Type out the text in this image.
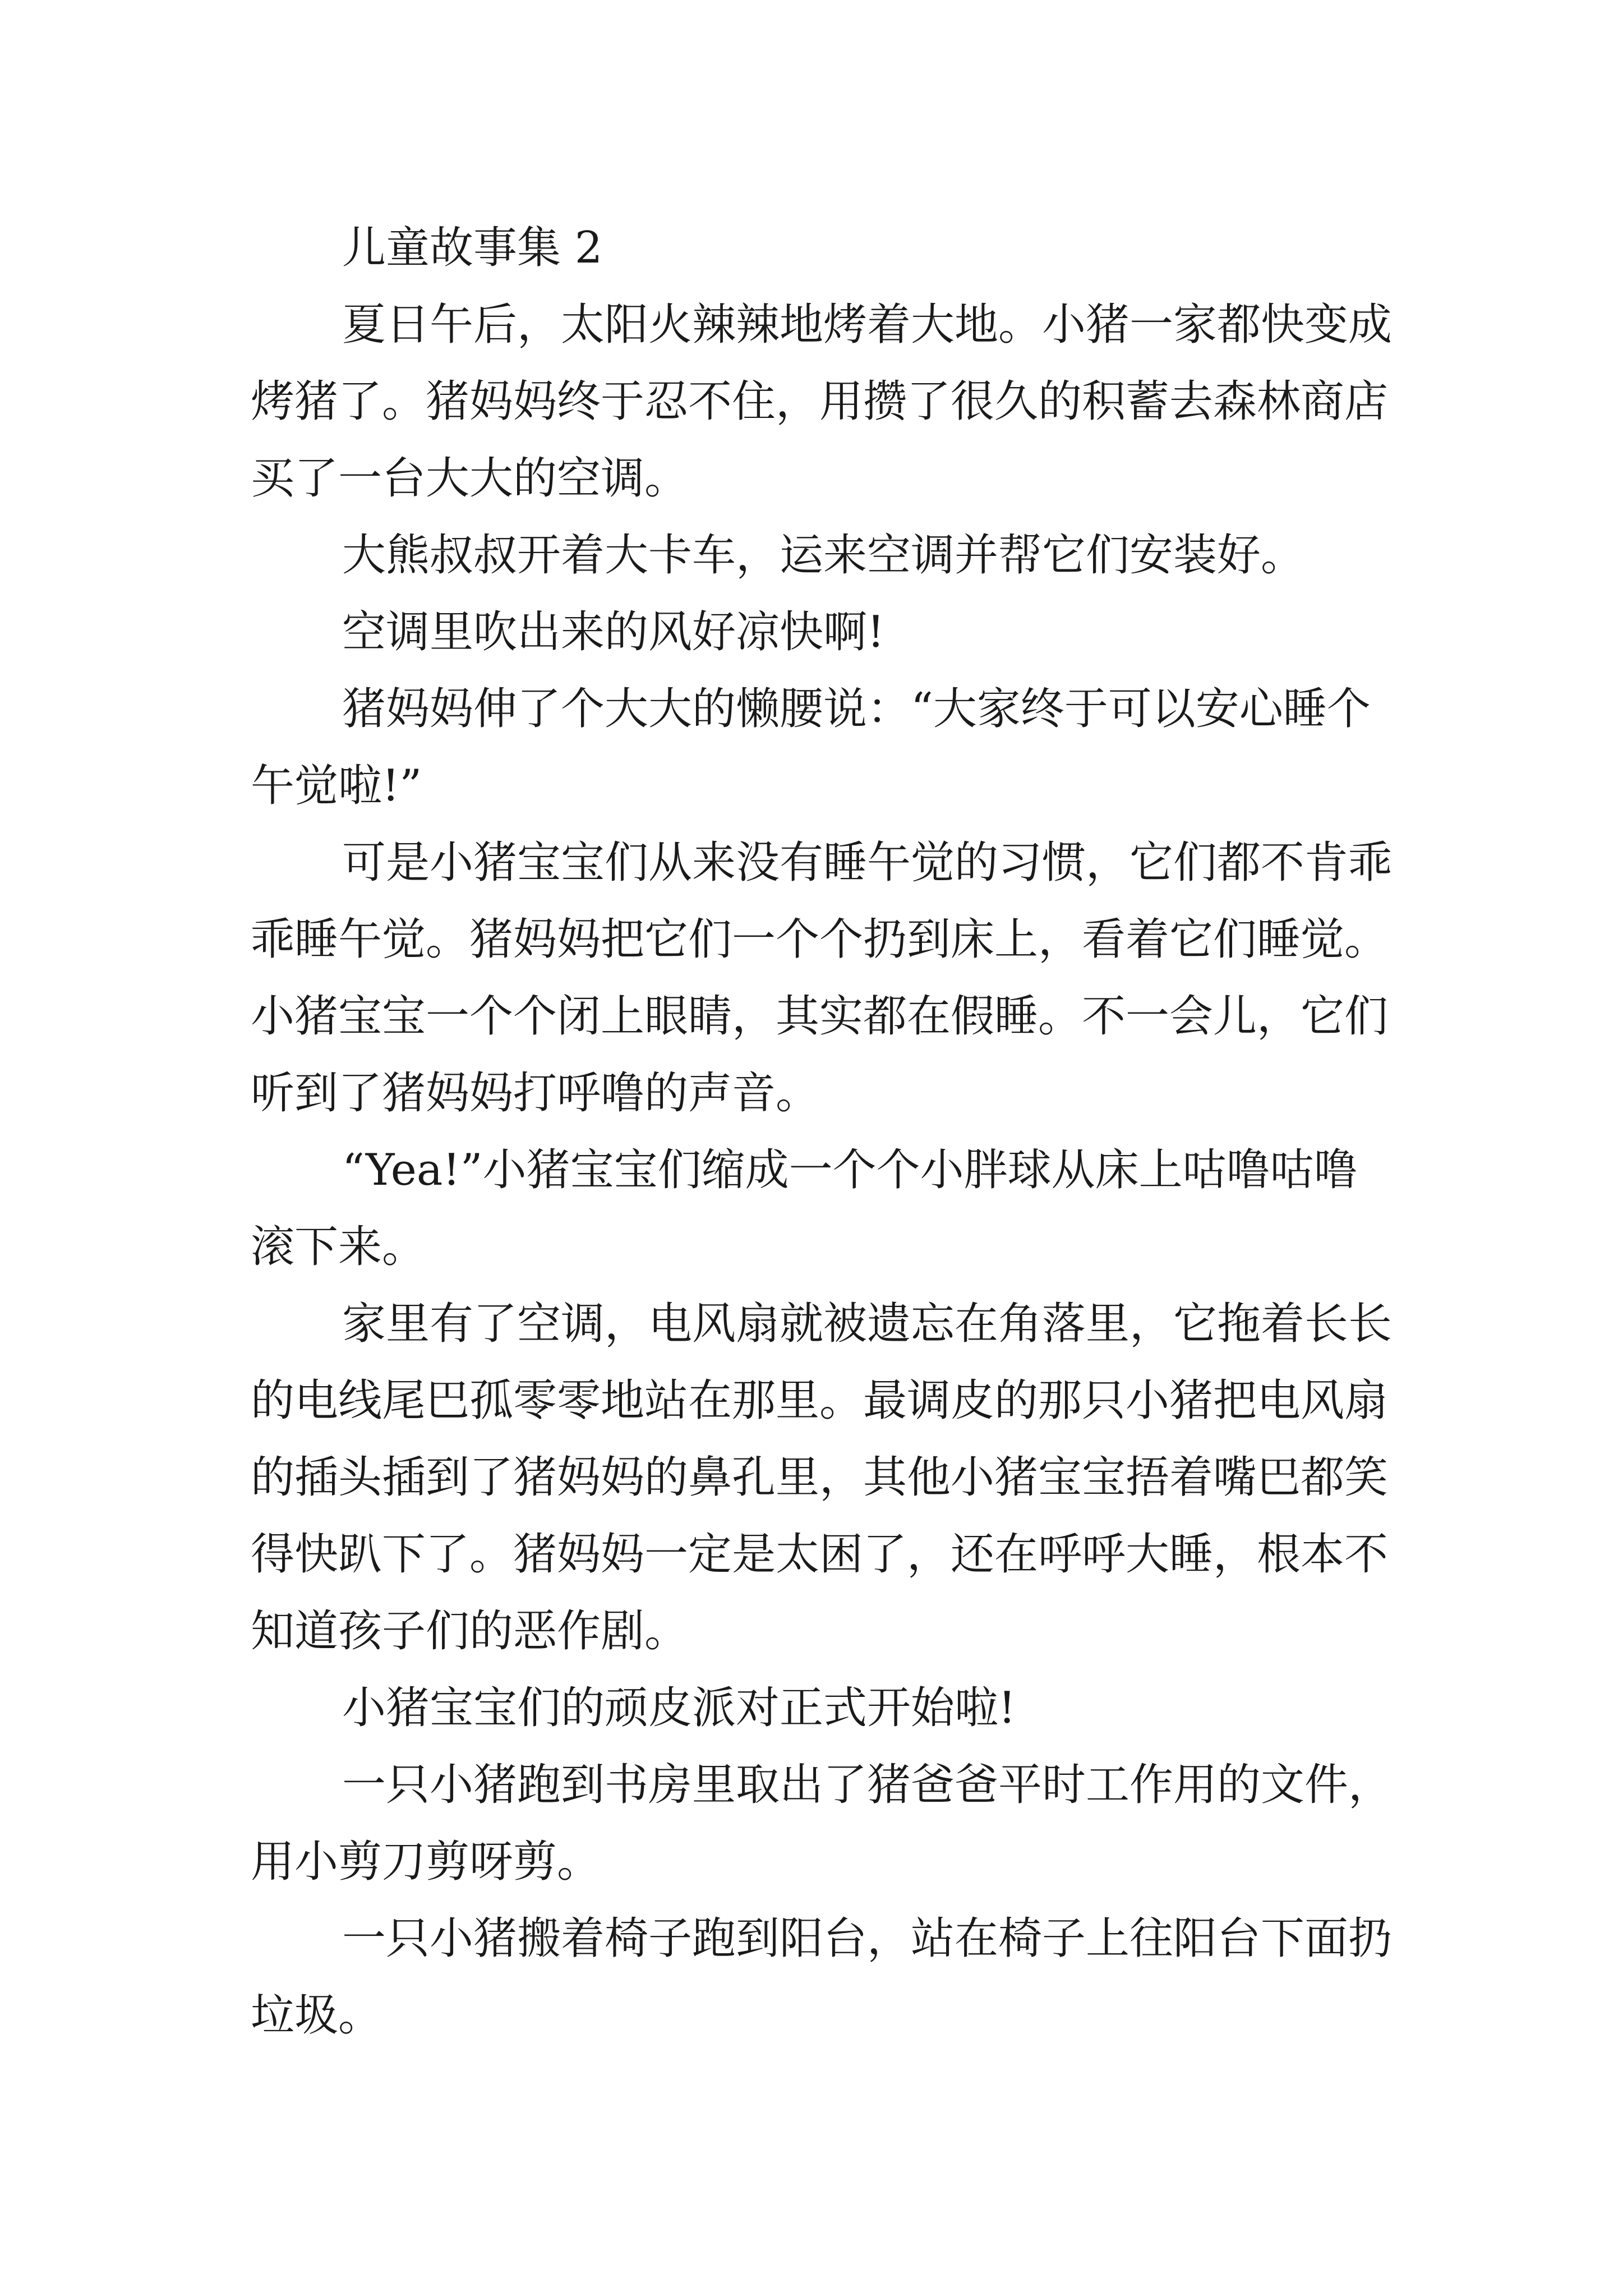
儿童故事集 2
夏日午后，太阳火辣辣地烤着大地。小猪一家都快变成
烤猪了。猪妈妈终于忍不住，用攒了很久的积蓄去森林商店
买了一台大大的空调。
大熊叔叔开着大卡车，运来空调并帮它们安装好。
空调里吹出来的风好凉快啊!
猪妈妈伸了个大大的懒腰说：“大家终于可以安心睡个
午觉啦!”
可是小猪宝宝们从来没有睡午觉的习惯，它们都不肯乖
乖睡午觉。猪妈妈把它们一个个扔到床上，看着它们睡觉。
小猪宝宝一个个闭上眼睛，其实都在假睡。不一会儿，它们
听到了猪妈妈打呼噜的声音。
“Yea!”小猪宝宝们缩成一个个小胖球从床上咕噜咕噜
滚下来。
家里有了空调，电风扇就被遗忘在角落里，它拖着长长
的电线尾巴孤零零地站在那里。最调皮的那只小猪把电风扇
的插头插到了猪妈妈的鼻孔里，其他小猪宝宝捂着嘴巴都笑
得快趴下了。猪妈妈一定是太困了，还在呼呼大睡，根本不
知道孩子们的恶作剧。
小猪宝宝们的顽皮派对正式开始啦!
一只小猪跑到书房里取出了猪爸爸平时工作用的文件，
用小剪刀剪呀剪。
一只小猪搬着椅子跑到阳台，站在椅子上往阳台下面扔
垃圾。
